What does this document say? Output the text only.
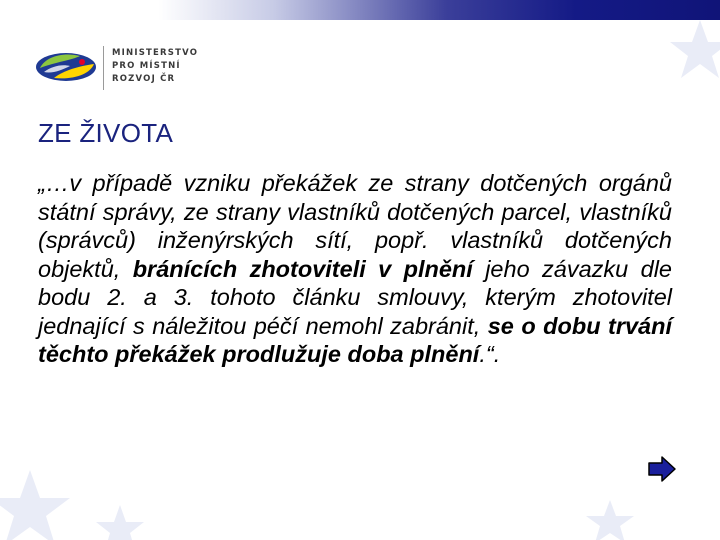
MINISTERSTVO
PRO MÍSTNÍ
ROZVOJ ČR
ZE ŽIVOTA

„…v případě vzniku překážek ze strany dotčených orgánů státní správy, ze strany vlastníků dotčených parcel, vlastníků (správců) inženýrských sítí, popř. vlastníků dotčených objektů, bránících zhotoviteli v plnění jeho závazku dle bodu 2. a 3. tohoto článku smlouvy, kterým zhotovitel jednající s náležitou péčí nemohl zabránit, se o dobu trvání těchto překážek prodlužuje doba plnění.“.
